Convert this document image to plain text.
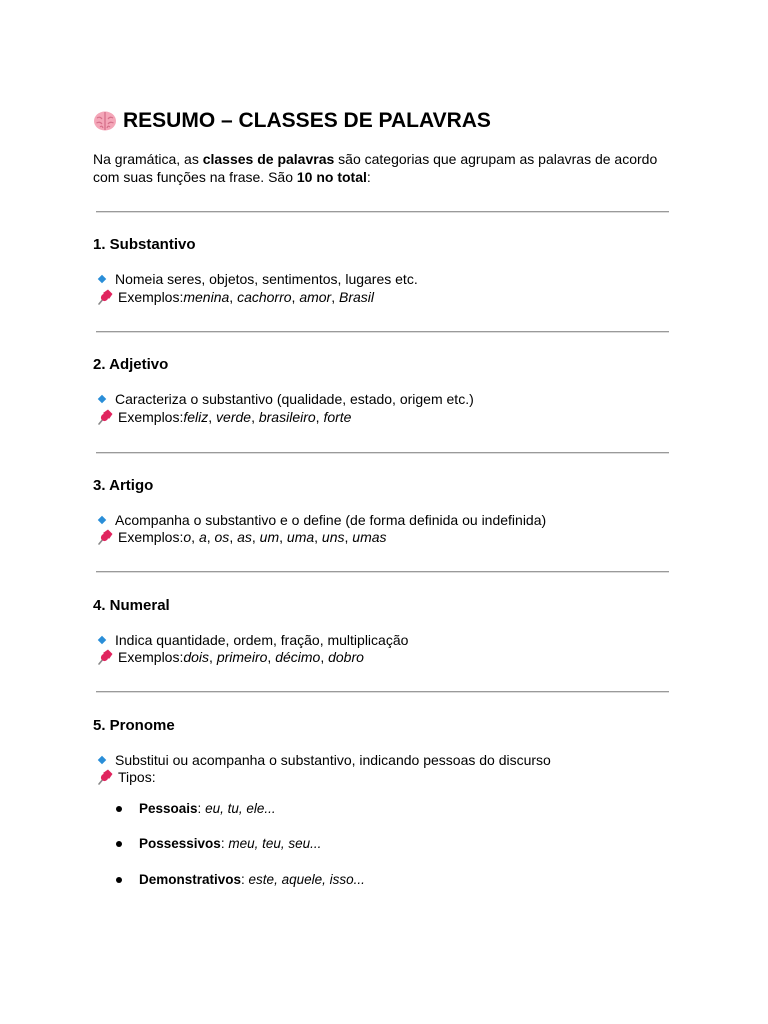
RESUMO – CLASSES DE PALAVRAS

Na gramática, as classes de palavras são categorias que agrupam as palavras de acordo com suas funções na frase. São 10 no total:

1. Substantivo
Nomeia seres, objetos, sentimentos, lugares etc.
Exemplos: menina , cachorro , amor , Brasil
2. Adjetivo
Caracteriza o substantivo (qualidade, estado, origem etc.)
Exemplos: feliz , verde , brasileiro , forte
3. Artigo
Acompanha o substantivo e o define (de forma definida ou indefinida)
Exemplos: o , a , os , as , um , uma , uns , umas
4. Numeral
Indica quantidade, ordem, fração, multiplicação
Exemplos: dois , primeiro , décimo , dobro
5. Pronome
Substitui ou acompanha o substantivo, indicando pessoas do discurso
Tipos:
Pessoais : eu, tu, ele...
Possessivos : meu, teu, seu...
Demonstrativos : este, aquele, isso...
